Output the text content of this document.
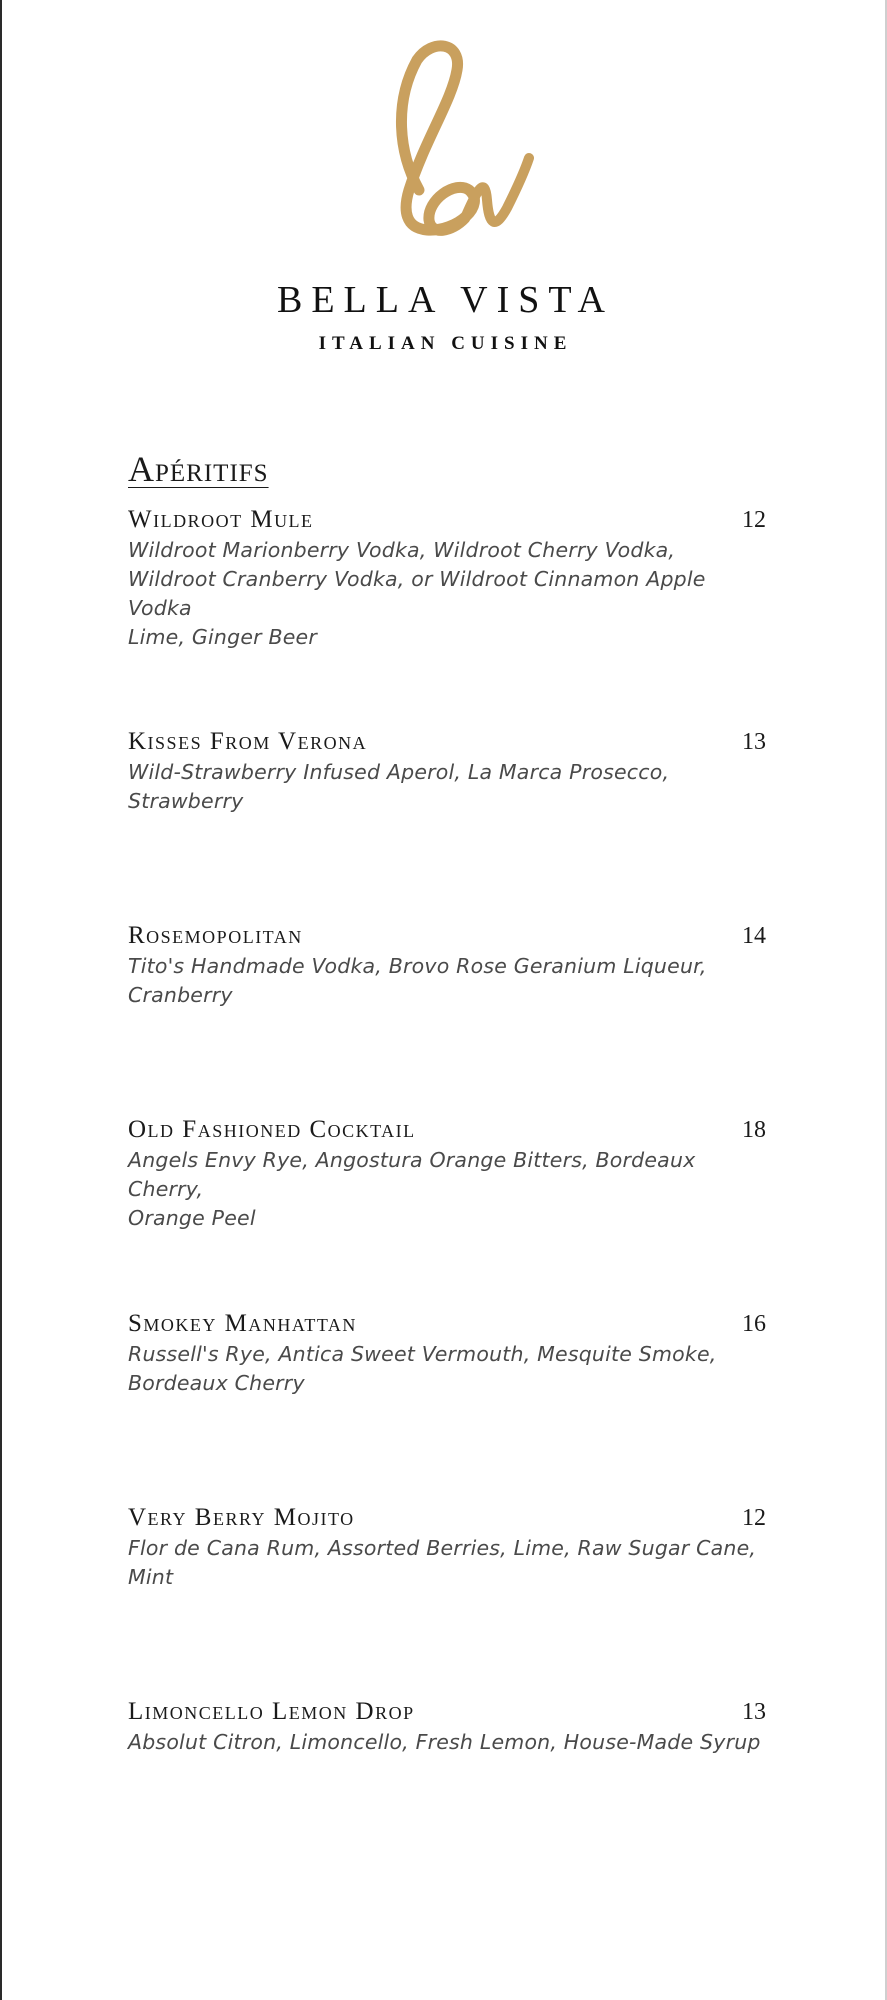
BELLA VISTA
ITALIAN CUISINE
Apéritifs
Wildroot Mule	12
Wildroot Marionberry Vodka, Wildroot Cherry Vodka,
Wildroot Cranberry Vodka, or Wildroot Cinnamon Apple Vodka
Lime, Ginger Beer
Kisses From Verona	13
Wild-Strawberry Infused Aperol, La Marca Prosecco,
Strawberry
Rosemopolitan	14
Tito's Handmade Vodka, Brovo Rose Geranium Liqueur,
Cranberry
Old Fashioned Cocktail	18
Angels Envy Rye, Angostura Orange Bitters, Bordeaux Cherry,
Orange Peel
Smokey Manhattan	16
Russell's Rye, Antica Sweet Vermouth, Mesquite Smoke,
Bordeaux Cherry
Very Berry Mojito	12
Flor de Cana Rum, Assorted Berries, Lime, Raw Sugar Cane,
Mint
Limoncello Lemon Drop	13
Absolut Citron, Limoncello, Fresh Lemon, House-Made Syrup
